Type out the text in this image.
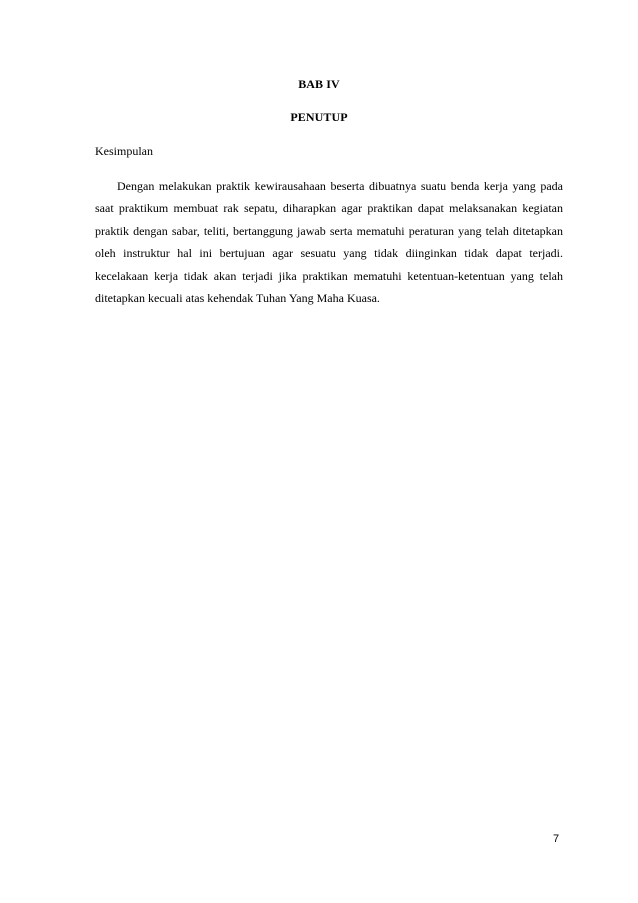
BAB IV
PENUTUP
Kesimpulan

Dengan melakukan praktik kewirausahaan beserta dibuatnya suatu benda kerja yang pada saat praktikum membuat rak sepatu, diharapkan agar praktikan dapat melaksanakan kegiatan praktik dengan sabar, teliti, bertanggung jawab serta mematuhi peraturan yang telah ditetapkan oleh instruktur hal ini bertujuan agar sesuatu yang tidak diinginkan tidak dapat terjadi. kecelakaan kerja tidak akan terjadi jika praktikan mematuhi ketentuan-ketentuan yang telah ditetapkan kecuali atas kehendak Tuhan Yang Maha Kuasa.

7
